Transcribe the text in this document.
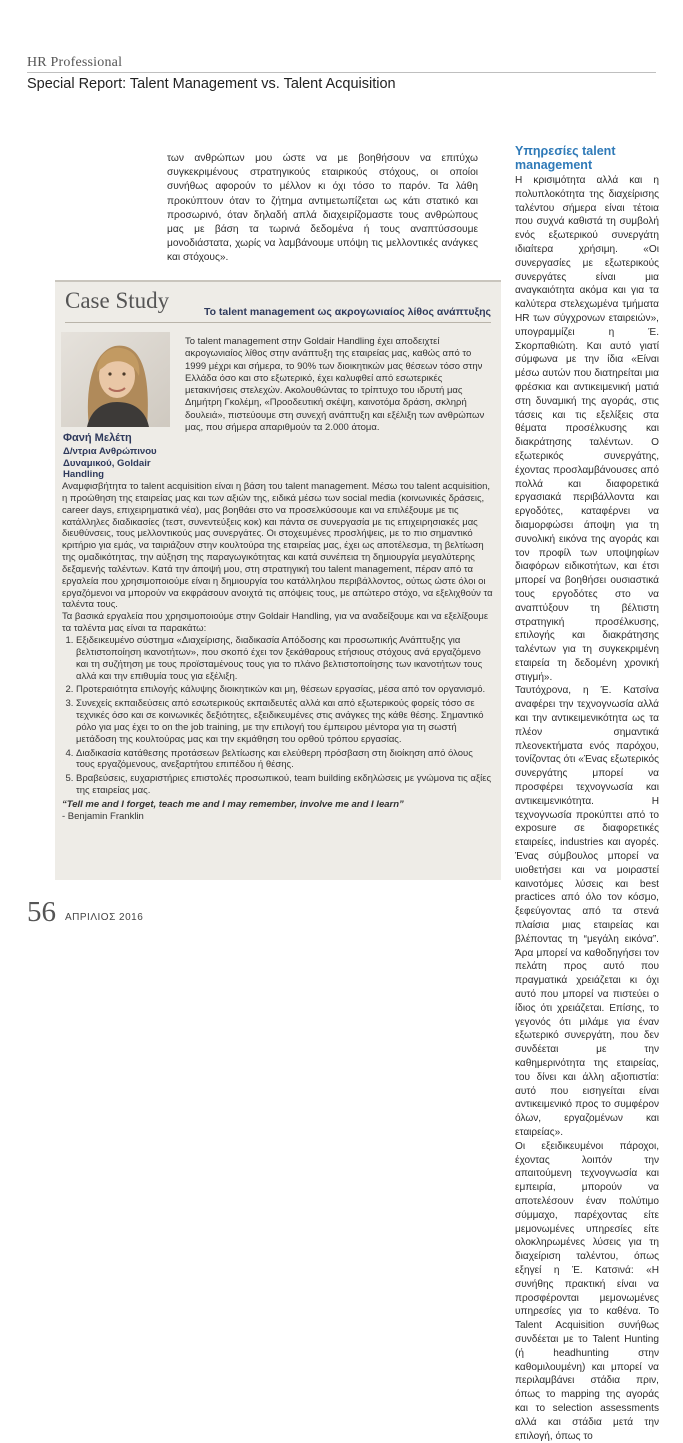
HR Professional
Special Report: Talent Management vs. Talent Acquisition
των ανθρώπων μου ώστε να με βοηθήσουν να επιτύχω συγκεκριμένους στρατηγικούς εταιρικούς στόχους, οι οποίοι συνήθως αφορούν το μέλλον κι όχι τόσο το παρόν. Τα λάθη προκύπτουν όταν το ζήτημα αντιμετωπίζεται ως κάτι στατικό και προσωρινό, όταν δηλαδή απλά διαχειρίζομαστε τους ανθρώπους μας με βάση τα τωρινά δεδομένα ή τους αναπτύσσουμε μονοδιάστατα, χωρίς να λαμβάνουμε υπόψη τις μελλοντικές ανάγκες και στόχους».
Case Study	Το talent management ως ακρογωνιαίος λίθος ανάπτυξης
Φανή Μελέτη
Δ/ντρια Ανθρώπινου Δυναμικού, Goldair Handling
Το talent management στην Goldair Handling έχει αποδειχτεί ακρογωνιαίος λίθος στην ανάπτυξη της εταιρείας μας, καθώς από το 1999 μέχρι και σήμερα, το 90% των διοικητικών μας θέσεων τόσο στην Ελλάδα όσο και στο εξωτερικό, έχει καλυφθεί από εσωτερικές μετακινήσεις στελεχών. Ακολουθώντας το τρίπτυχο του ιδρυτή μας Δημήτρη Γκολέμη, «Προοδευτική σκέψη, καινοτόμα δράση, σκληρή δουλειά», πιστεύουμε στη συνεχή ανάπτυξη και εξέλιξη των ανθρώπων μας, που σήμερα απαριθμούν τα 2.000 άτομα.

Αναμφισβήτητα το talent acquisition είναι η βάση του talent management. Μέσω του talent acquisition, η προώθηση της εταιρείας μας και των αξιών της, ειδικά μέσω των social media (κοινωνικές δράσεις, career days, επιχειρηματικά νέα), μας βοηθάει στο να προσελκύσουμε και να επιλέξουμε με τις κατάλληλες διαδικασίες (τεστ, συνεντεύξεις κοκ) και πάντα σε συνεργασία με τις επιχειρησιακές μας διευθύνσεις, τους μελλοντικούς μας συνεργάτες. Οι στοχευμένες προσλήψεις, με το πιο σημαντικό κριτήριο για εμάς, να ταιριάζουν στην κουλτούρα της εταιρείας μας, έχει ως αποτέλεσμα, τη βελτίωση της ομαδικότητας, την αύξηση της παραγωγικότητας και κατά συνέπεια τη δημιουργία μεγαλύτερης δεξαμενής ταλέντων. Κατά την άποψή μου, στη στρατηγική του talent management, πέραν από τα εργαλεία που χρησιμοποιούμε είναι η δημιουργία του κατάλληλου περιβάλλοντος, ούτως ώστε όλοι οι εργαζόμενοι να μπορούν να εκφράσουν ανοιχτά τις απόψεις τους, με απώτερο στόχο, να εξελιχθούν τα ταλέντα τους.

Τα βασικά εργαλεία που χρησιμοποιούμε στην Goldair Handling, για να αναδείξουμε και να εξελίξουμε τα ταλέντα μας είναι τα παρακάτω:

1. Εξιδεικευμένο σύστημα «Διαχείρισης, διαδικασία Απόδοσης και προσωπικής Ανάπτυξης για βελτιστοποίηση ικανοτήτων», που σκοπό έχει τον ξεκάθαρους ετήσιους στόχους ανά εργαζόμενο και τη συζήτηση με τους προϊσταμένους τους για το πλάνο βελτιστοποίησης των ικανοτήτων τους αλλά και την επιθυμία τους για εξέλιξη.
2. Προτεραιότητα επιλογής κάλυψης διοικητικών και μη, θέσεων εργασίας, μέσα από τον οργανισμό.
3. Συνεχείς εκπαιδεύσεις από εσωτερικούς εκπαιδευτές αλλά και από εξωτερικούς φορείς τόσο σε τεχνικές όσο και σε κοινωνικές δεξιότητες, εξειδικευμένες στις ανάγκες της κάθε θέσης. Σημαντικό ρόλο για μας έχει το on the job training, με την επιλογή του έμπειρου μέντορα για τη σωστή μετάδοση της κουλτούρας μας και την εκμάθηση του ορθού τρόπου εργασίας.
4. Διαδικασία κατάθεσης προτάσεων βελτίωσης και ελεύθερη πρόσβαση στη διοίκηση από όλους τους εργαζόμενους, ανεξαρτήτου επιπέδου ή θέσης.
5. Βραβεύσεις, ευχαριστήριες επιστολές προσωπικού, team building εκδηλώσεις με γνώμονα τις αξίες της εταιρείας μας.

“Tell me and I forget, teach me and I may remember, involve me and I learn”

- Benjamin Franklin

Υπηρεσίες talent management

Η κρισιμότητα αλλά και η πολυπλοκότητα της διαχείρισης ταλέντου σήμερα είναι τέτοια που συχνά καθιστά τη συμβολή ενός εξωτερικού συνεργάτη ιδιαίτερα χρήσιμη. «Οι συνεργασίες με εξωτερικούς συνεργάτες είναι μια αναγκαιότητα ακόμα και για τα καλύτερα στελεχωμένα τμήματα HR των σύγχρονων εταιρειών», υπογραμμίζει η Έ. Σκορπαθιώτη. Και αυτό γιατί σύμφωνα με την ίδια «Είναι μέσω αυτών που διατηρείται μια φρέσκια και αντικειμενική ματιά στη δυναμική της αγοράς, στις τάσεις και τις εξελίξεις στα θέματα προσέλκυσης και διακράτησης ταλέντων. Ο εξωτερικός συνεργάτης, έχοντας προσλαμβάνουσες από πολλά και διαφορετικά εργασιακά περιβάλλοντα και εργοδότες, καταφέρνει να διαμορφώσει άποψη για τη συνολική εικόνα της αγοράς και τον προφίλ των υποψηφίων διαφόρων ειδικοτήτων, και έτσι μπορεί να βοηθήσει ουσιαστικά τους εργοδότες στο να αναπτύξουν τη βέλτιστη στρατηγική προσέλκυσης, επιλογής και διακράτησης ταλέντων για τη συγκεκριμένη εταιρεία τη δεδομένη χρονική στιγμή».

Ταυτόχρονα, η Έ. Κατσίνα αναφέρει την τεχνογνωσία αλλά και την αντικειμενικότητα ως τα πλέον σημαντικά πλεονεκτήματα ενός παρόχου, τονίζοντας ότι «Ένας εξωτερικός συνεργάτης μπορεί να προσφέρει τεχνογνωσία και αντικειμενικότητα. Η τεχνογνωσία προκύπτει από το exposure σε διαφορετικές εταιρείες, industries και αγορές. Ένας σύμβουλος μπορεί να υιοθετήσει και να μοιραστεί καινοτόμες λύσεις και best practices από όλο τον κόσμο, ξεφεύγοντας από τα στενά πλαίσια μιας εταιρείας και βλέποντας τη “μεγάλη εικόνα”. Άρα μπορεί να καθοδηγήσει τον πελάτη προς αυτό που πραγματικά χρειάζεται κι όχι αυτό που μπορεί να πιστεύει ο ίδιος ότι χρειάζεται. Επίσης, το γεγονός ότι μιλάμε για έναν εξωτερικό συνεργάτη, που δεν συνδέεται με την καθημερινότητα της εταιρείας, του δίνει και άλλη αξιοπιστία: αυτό που εισηγείται είναι αντικειμενικό προς το συμφέρον όλων, εργαζομένων και εταιρείας».

Οι εξειδικευμένοι πάροχοι, έχοντας λοιπόν την απαιτούμενη τεχνογνωσία και εμπειρία, μπορούν να αποτελέσουν έναν πολύτιμο σύμμαχο, παρέχοντας είτε μεμονωμένες υπηρεσίες είτε ολοκληρωμένες λύσεις για τη διαχείριση ταλέντου, όπως εξηγεί η Έ. Κατσινά: «Η συνήθης πρακτική είναι να προσφέρονται μεμονωμένες υπηρεσίες για το καθένα. Το Talent Acquisition συνήθως συνδέεται με το Talent Hunting (ή headhunting στην καθομιλουμένη) και μπορεί να περιλαμβάνει στάδια πριν, όπως το mapping της αγοράς και το selection assessments αλλά και στάδια μετά την επιλογή, όπως το

56 ΑΠΡΙΛΙΟΣ 2016
